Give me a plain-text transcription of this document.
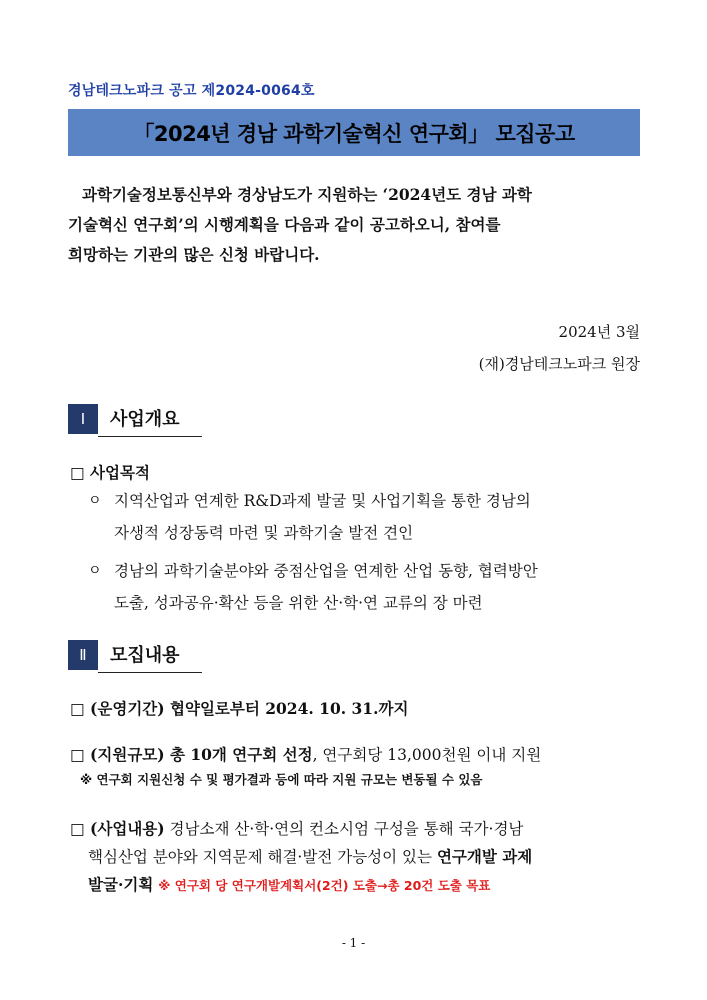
경남테크노파크 공고 제2024-0064호
「2024년 경남 과학기술혁신 연구회」 모집공고
과학기술정보통신부와 경상남도가 지원하는 ‘2024년도 경남 과학
기술혁신 연구회’의 시행계획을 다음과 같이 공고하오니, 참여를
희망하는 기관의 많은 신청 바랍니다.
2024년 3월
(재)경남테크노파크 원장
Ⅰ	사업개요
□ 사업목적
ㅇ 지역산업과 연계한 R&D과제 발굴 및 사업기획을 통한 경남의
자생적 성장동력 마련 및 과학기술 발전 견인
ㅇ 경남의 과학기술분야와 중점산업을 연계한 산업 동향, 협력방안
도출, 성과공유·확산 등을 위한 산·학·연 교류의 장 마련
Ⅱ	모집내용
□ (운영기간) 협약일로부터 2024. 10. 31.까지
□ (지원규모) 총 10개 연구회 선정, 연구회당 13,000천원 이내 지원
※ 연구회 지원신청 수 및 평가결과 등에 따라 지원 규모는 변동될 수 있음
□ (사업내용) 경남소재 산·학·연의 컨소시엄 구성을 통해 국가·경남
핵심산업 분야와 지역문제 해결·발전 가능성이 있는 연구개발 과제
발굴·기획 ※ 연구회 당 연구개발계획서(2건) 도출→총 20건 도출 목표
- 1 -
